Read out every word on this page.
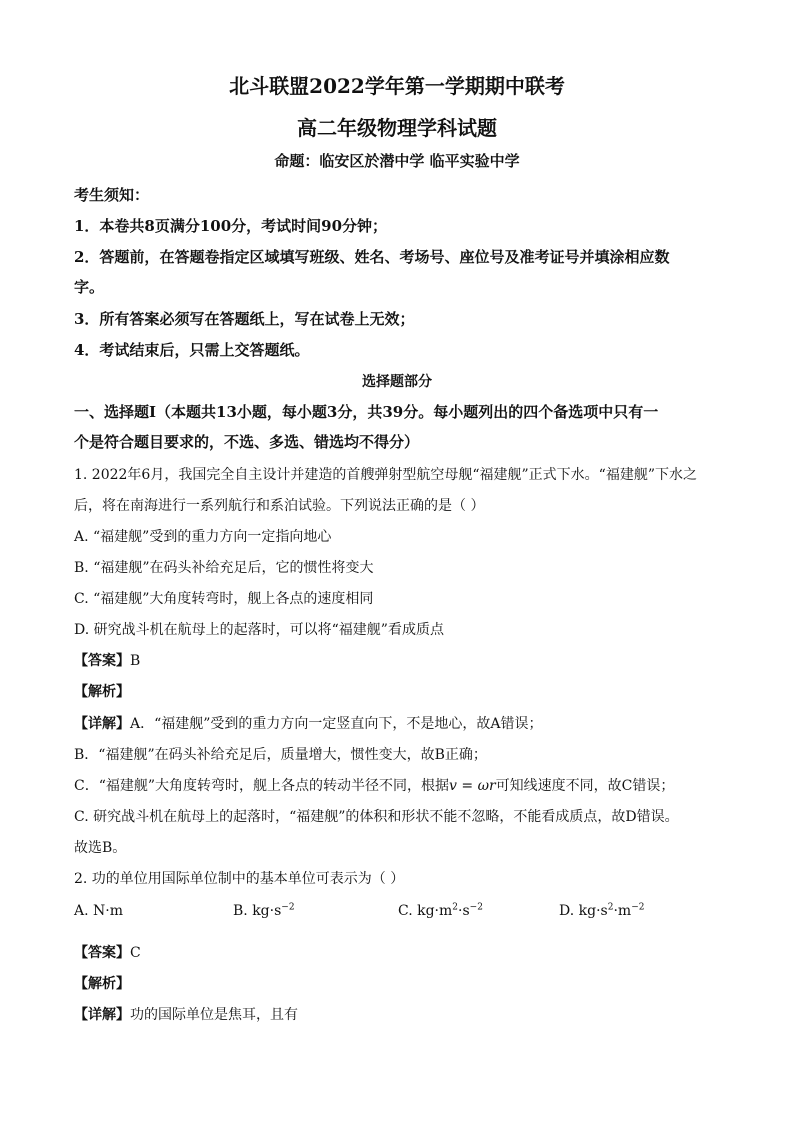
北斗联盟2022学年第一学期期中联考
高二年级物理学科试题
命题：临安区於潜中学 临平实验中学
考生须知：
1．本卷共8页满分100分，考试时间90分钟；
2．答题前，在答题卷指定区域填写班级、姓名、考场号、座位号及准考证号并填涂相应数
字。
3．所有答案必须写在答题纸上，写在试卷上无效；
4．考试结束后，只需上交答题纸。
选择题部分
一、选择题Ⅰ（本题共13小题，每小题3分，共39分。每小题列出的四个备选项中只有一
个是符合题目要求的，不选、多选、错选均不得分）
1. 2022年6月，我国完全自主设计并建造的首艘弹射型航空母舰“福建舰”正式下水。“福建舰”下水之
后，将在南海进行一系列航行和系泊试验。下列说法正确的是（ ）
A. “福建舰”受到的重力方向一定指向地心
B. “福建舰”在码头补给充足后，它的惯性将变大
C. “福建舰”大角度转弯时，舰上各点的速度相同
D. 研究战斗机在航母上的起落时，可以将“福建舰”看成质点
【答案】B
【解析】
【详解】A．“福建舰”受到的重力方向一定竖直向下，不是地心，故A错误；
B．“福建舰”在码头补给充足后，质量增大，惯性变大，故B正确；
C．“福建舰”大角度转弯时，舰上各点的转动半径不同，根据v = ωr可知线速度不同，故C错误；
C. 研究战斗机在航母上的起落时，“福建舰”的体积和形状不能不忽略，不能看成质点，故D错误。
故选B。
2. 功的单位用国际单位制中的基本单位可表示为（ ）
A. N·m	B. $kg\cdot s^{-2}$	C. $kg\cdot m^2\cdot s^{-2}$	D. $kg\cdot s^2\cdot m^{-2}$
【答案】C
【解析】
【详解】功的国际单位是焦耳，且有
